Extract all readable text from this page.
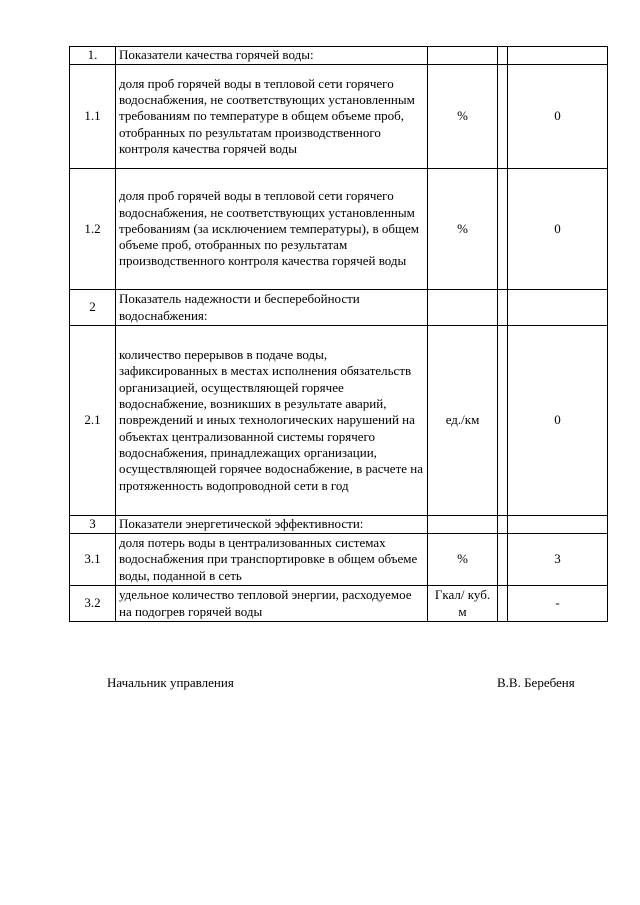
1.	Показатели качества горячей воды:			
1.1	доля проб горячей воды в тепловой сети горячего водоснабжения, не соответствующих установленным требованиям по температуре в общем объеме проб, отобранных по результатам производственного контроля качества горячей воды	%		0
1.2	доля проб горячей воды в тепловой сети горячего водоснабжения, не соответствующих установленным требованиям (за исключением температуры), в общем объеме проб, отобранных по результатам производственного контроля качества горячей воды	%		0
2	Показатель надежности и бесперебойности водоснабжения:			
2.1	количество перерывов в подаче воды, зафиксированных в местах исполнения обязательств организацией, осуществляющей горячее водоснабжение, возникших в результате аварий, повреждений и иных технологических нарушений на объектах централизованной системы горячего водоснабжения, принадлежащих организации, осуществляющей горячее водоснабжение, в расчете на протяженность водопроводной сети в год	ед./км		0
3	Показатели энергетической эффективности:			
3.1	доля потерь воды в централизованных системах водоснабжения при транспортировке в общем объеме воды, поданной в сеть	%		3
3.2	удельное количество тепловой энергии, расходуемое на подогрев горячей воды	Гкал/ куб. м		-
Начальник управления	В.В. Беребеня
